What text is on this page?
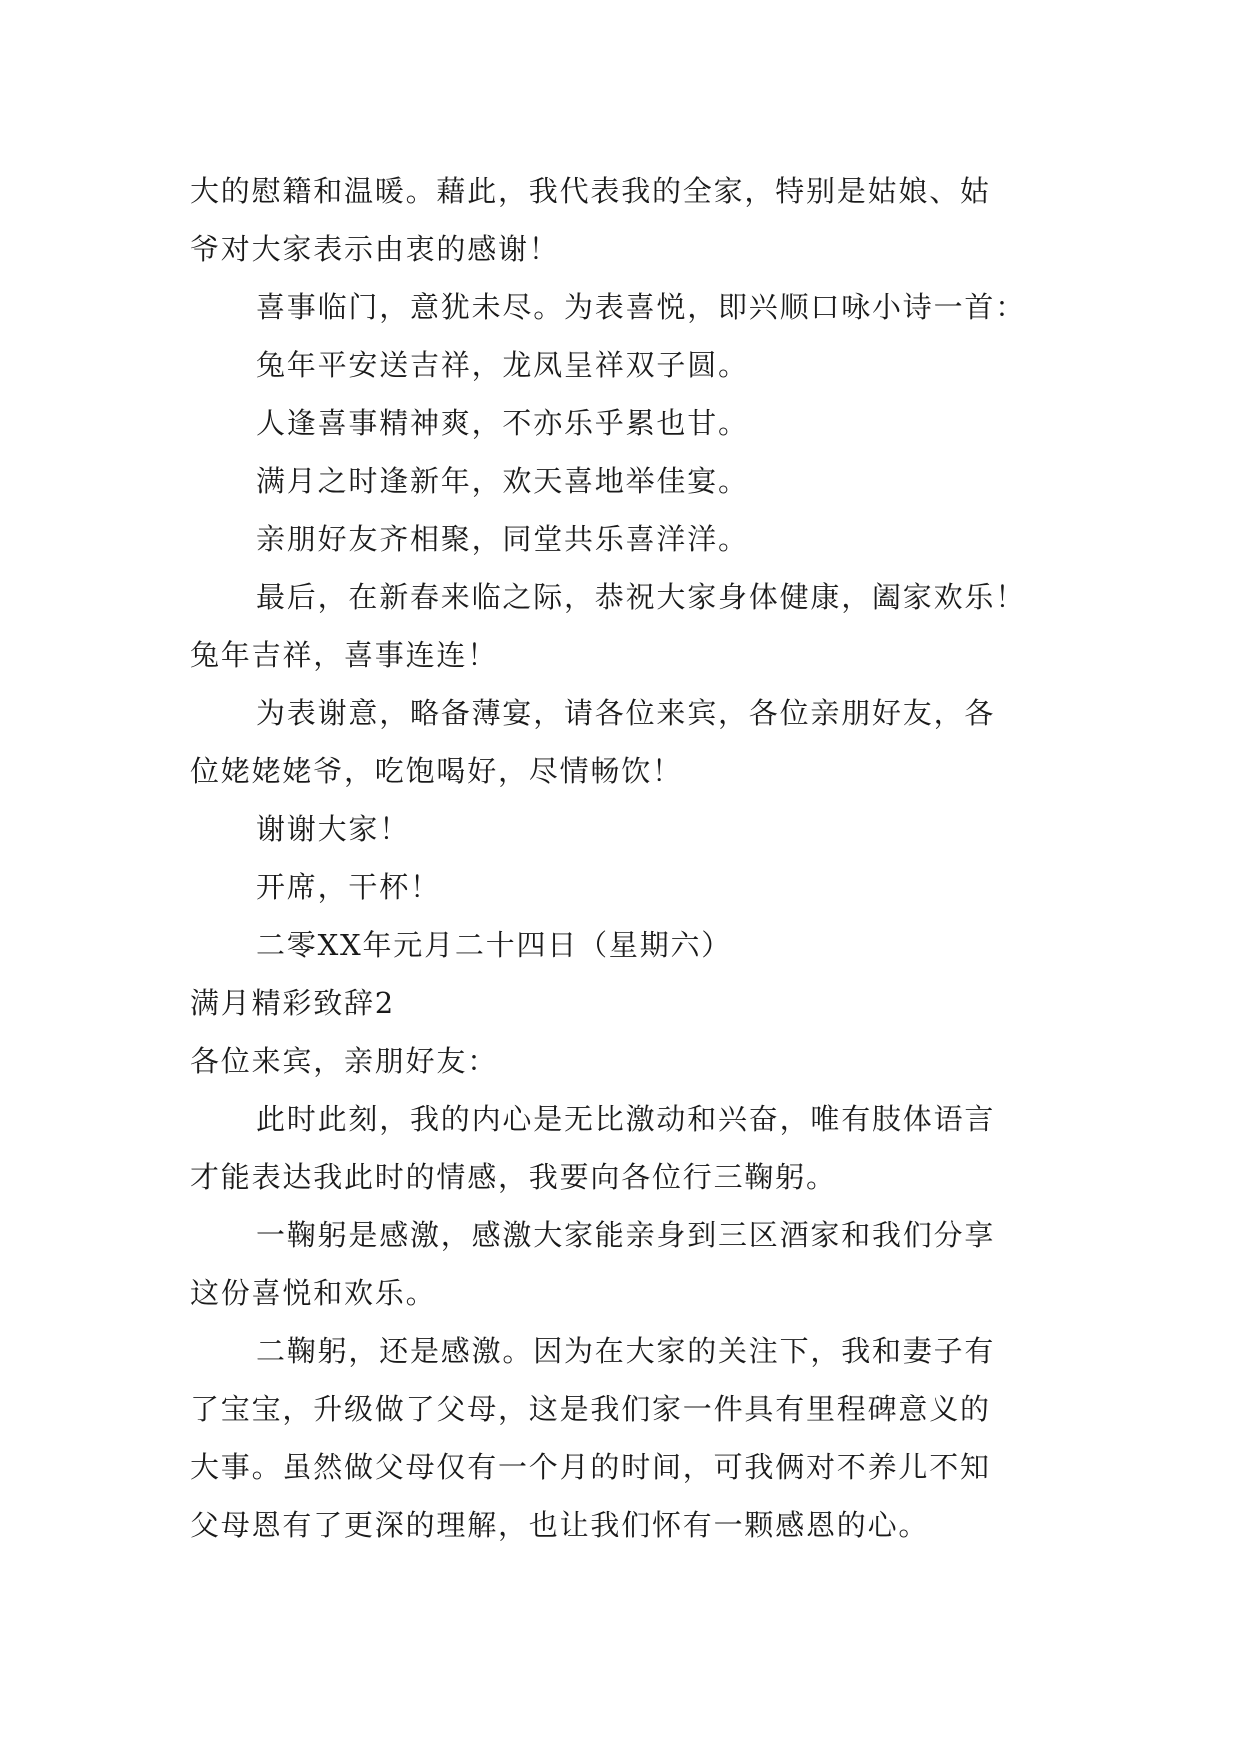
大的慰籍和温暖。藉此，我代表我的全家，特别是姑娘、姑
爷对大家表示由衷的感谢！
喜事临门，意犹未尽。为表喜悦，即兴顺口咏小诗一首：
兔年平安送吉祥，龙凤呈祥双子圆。
人逢喜事精神爽，不亦乐乎累也甘。
满月之时逢新年，欢天喜地举佳宴。
亲朋好友齐相聚，同堂共乐喜洋洋。
最后，在新春来临之际，恭祝大家身体健康，阖家欢乐！
兔年吉祥，喜事连连！
为表谢意，略备薄宴，请各位来宾，各位亲朋好友，各
位姥姥姥爷，吃饱喝好，尽情畅饮！
谢谢大家！
开席，干杯！
二零XX年元月二十四日（星期六）
满月精彩致辞2
各位来宾，亲朋好友：
此时此刻，我的内心是无比激动和兴奋，唯有肢体语言
才能表达我此时的情感，我要向各位行三鞠躬。
一鞠躬是感激，感激大家能亲身到三区酒家和我们分享
这份喜悦和欢乐。
二鞠躬，还是感激。因为在大家的关注下，我和妻子有
了宝宝，升级做了父母，这是我们家一件具有里程碑意义的
大事。虽然做父母仅有一个月的时间，可我俩对不养儿不知
父母恩有了更深的理解，也让我们怀有一颗感恩的心。
